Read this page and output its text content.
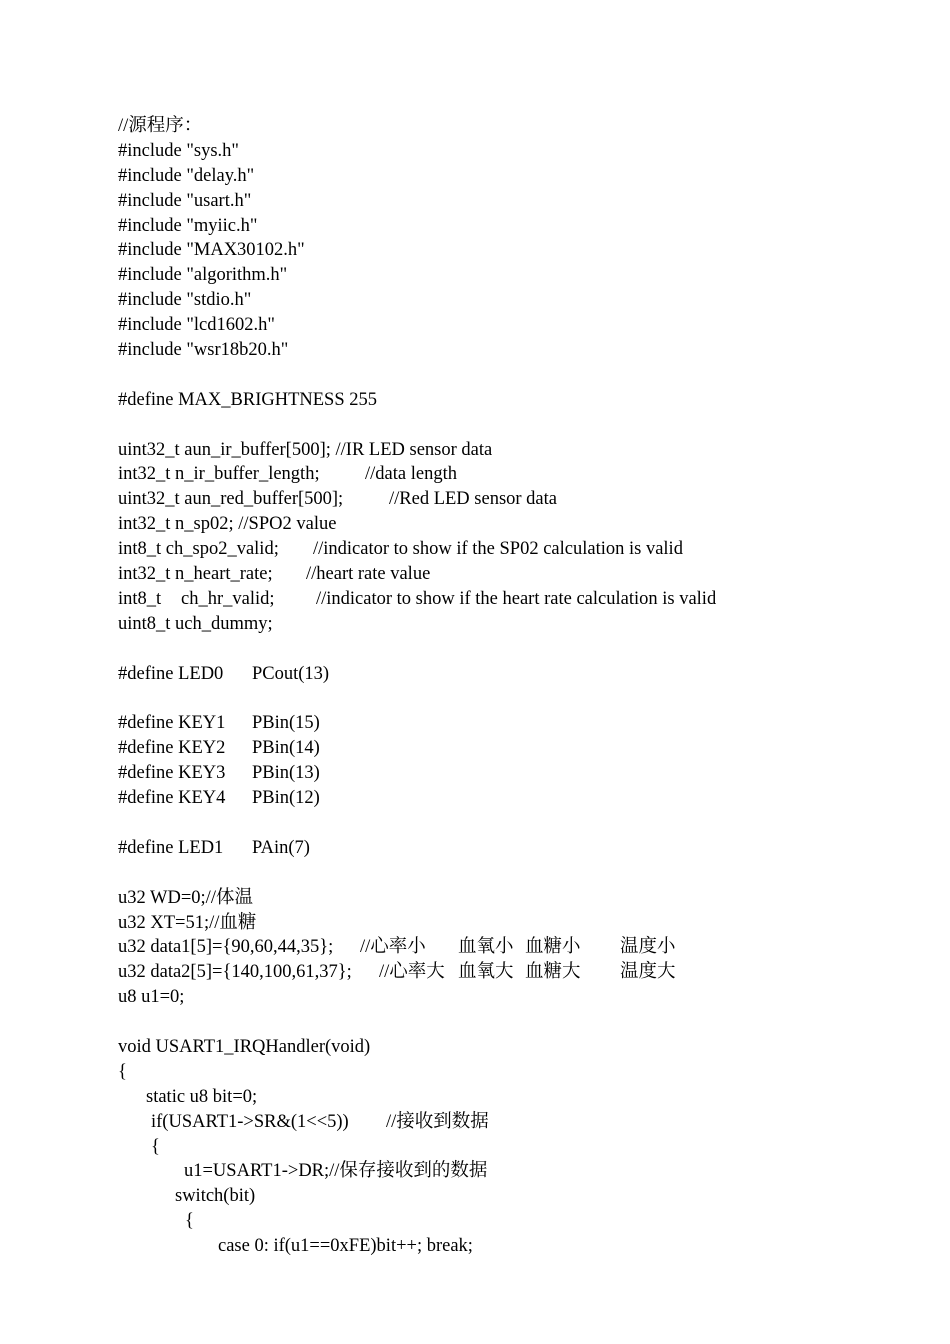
//源程序：
#include "sys.h"
#include "delay.h"
#include "usart.h"
#include "myiic.h"
#include "MAX30102.h"
#include "algorithm.h"
#include "stdio.h"
#include "lcd1602.h"
#include "wsr18b20.h"
#define MAX_BRIGHTNESS 255
uint32_t aun_ir_buffer[500]; //IR LED sensor data

int32_t n_ir_buffer_length;

//data length

uint32_t aun_red_buffer[500];

//Red LED sensor data

int32_t n_sp02; //SPO2 value

int8_t ch_spo2_valid;

//indicator to show if the SP02 calculation is valid

int32_t n_heart_rate;

//heart rate value

int8_t

ch_hr_valid;

//indicator to show if the heart rate calculation is valid

uint8_t uch_dummy;

#define LED0

PCout(13)

#define KEY1

PBin(15)

#define KEY2

PBin(14)

#define KEY3

PBin(13)

#define KEY4

PBin(12)

#define LED1

PAin(7)

u32 WD=0;//体温
u32 XT=51;//血糖

u32 data1[5]={90,60,44,35};

//心率小

血氧小

血糖小

温度小

u32 data2[5]={140,100,61,37};

//心率大

血氧大

血糖大

温度大

u8 u1=0;
void USART1_IRQHandler(void)
{
static u8 bit=0;

if(USART1->SR&(1<<5))

//接收到数据

{
u1=USART1->DR;//保存接收到的数据
switch(bit)
{
case 0: if(u1==0xFE)bit++; break;
